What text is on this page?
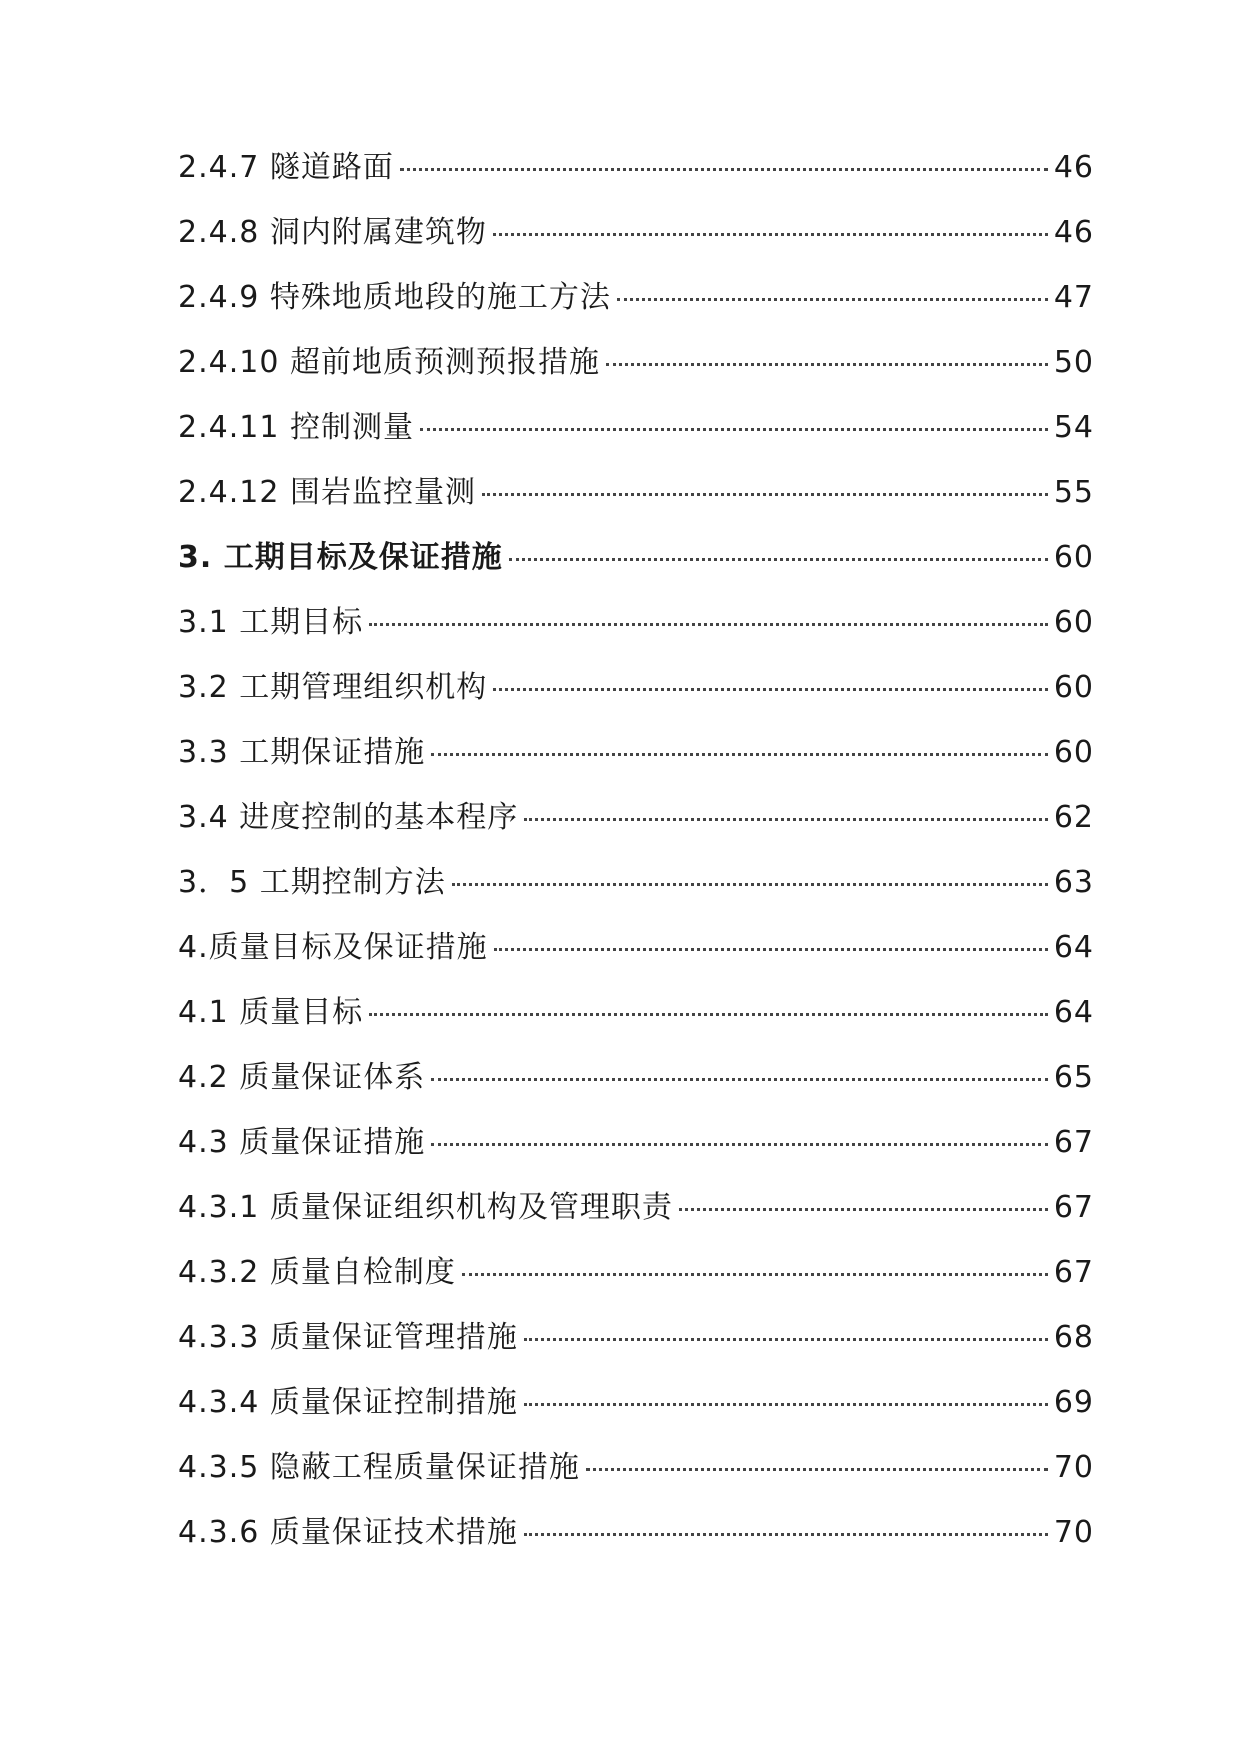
2.4.7 隧道路面	46
2.4.8 洞内附属建筑物	46
2.4.9 特殊地质地段的施工方法	47
2.4.10 超前地质预测预报措施	50
2.4.11 控制测量	54
2.4.12 围岩监控量测	55
3. 工期目标及保证措施	60
3.1 工期目标	60
3.2 工期管理组织机构	60
3.3 工期保证措施	60
3.4 进度控制的基本程序	62
3．5 工期控制方法	63
4.质量目标及保证措施	64
4.1 质量目标	64
4.2 质量保证体系	65
4.3 质量保证措施	67
4.3.1 质量保证组织机构及管理职责	67
4.3.2 质量自检制度	67
4.3.3 质量保证管理措施	68
4.3.4 质量保证控制措施	69
4.3.5 隐蔽工程质量保证措施	70
4.3.6 质量保证技术措施	70
